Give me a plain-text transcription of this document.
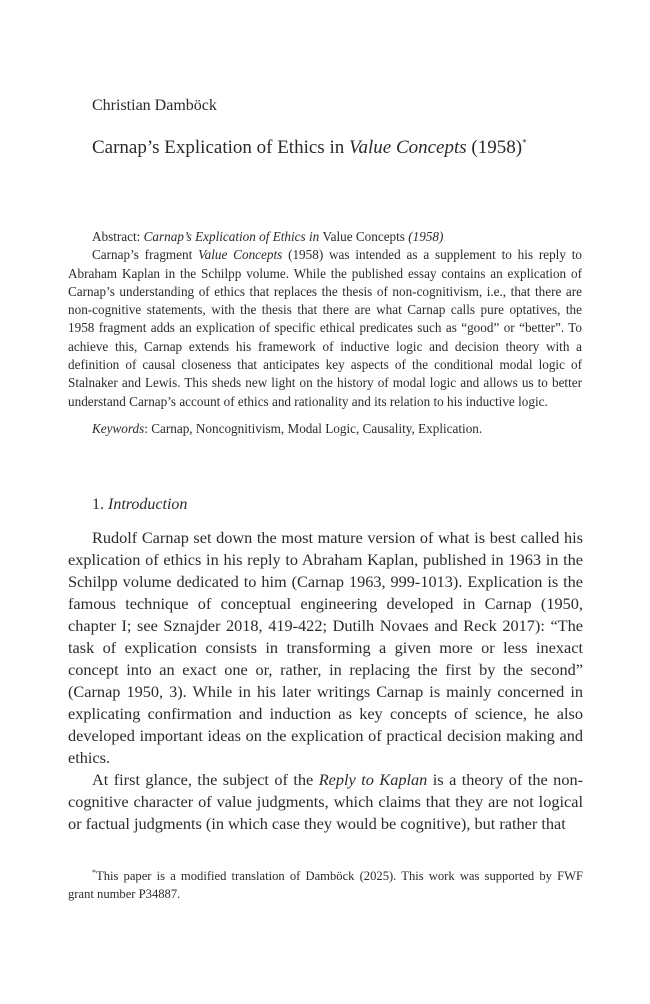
Christian Damböck
Carnap’s Explication of Ethics in Value Concepts (1958)*

Abstract: Carnap’s Explication of Ethics in Value Concepts (1958)

Carnap’s fragment Value Concepts (1958) was intended as a supplement to his reply to Abraham Kaplan in the Schilpp volume. While the published essay contains an explication of Carnap’s understanding of ethics that replaces the thesis of non-cognitivism, i.e., that there are non-cognitive statements, with the thesis that there are what Carnap calls pure optatives, the 1958 fragment adds an explication of specific ethical predicates such as “good” or “better”. To achieve this, Carnap extends his framework of inductive logic and decision theory with a definition of causal closeness that anticipates key aspects of the conditional modal logic of Stalnaker and Lewis. This sheds new light on the history of modal logic and allows us to better understand Carnap’s account of ethics and rationality and its relation to his inductive logic.

Keywords: Carnap, Noncognitivism, Modal Logic, Causality, Explication.

1. Introduction

Rudolf Carnap set down the most mature version of what is best called his explication of ethics in his reply to Abraham Kaplan, published in 1963 in the Schilpp volume dedicated to him (Carnap 1963, 999-1013). Explication is the famous technique of conceptual engineering developed in Carnap (1950, chapter I; see Sznajder 2018, 419-422; Dutilh Novaes and Reck 2017): “The task of explication consists in transforming a given more or less inexact concept into an exact one or, rather, in replacing the first by the second” (Carnap 1950, 3). While in his later writings Carnap is mainly concerned in explicating confirmation and induction as key concepts of science, he also developed important ideas on the explication of practical decision making and ethics.

At first glance, the subject of the Reply to Kaplan is a theory of the non-cognitive character of value judgments, which claims that they are not logical or factual judgments (in which case they would be cognitive), but rather that

*This paper is a modified translation of Damböck (2025). This work was supported by FWF grant number P34887.
